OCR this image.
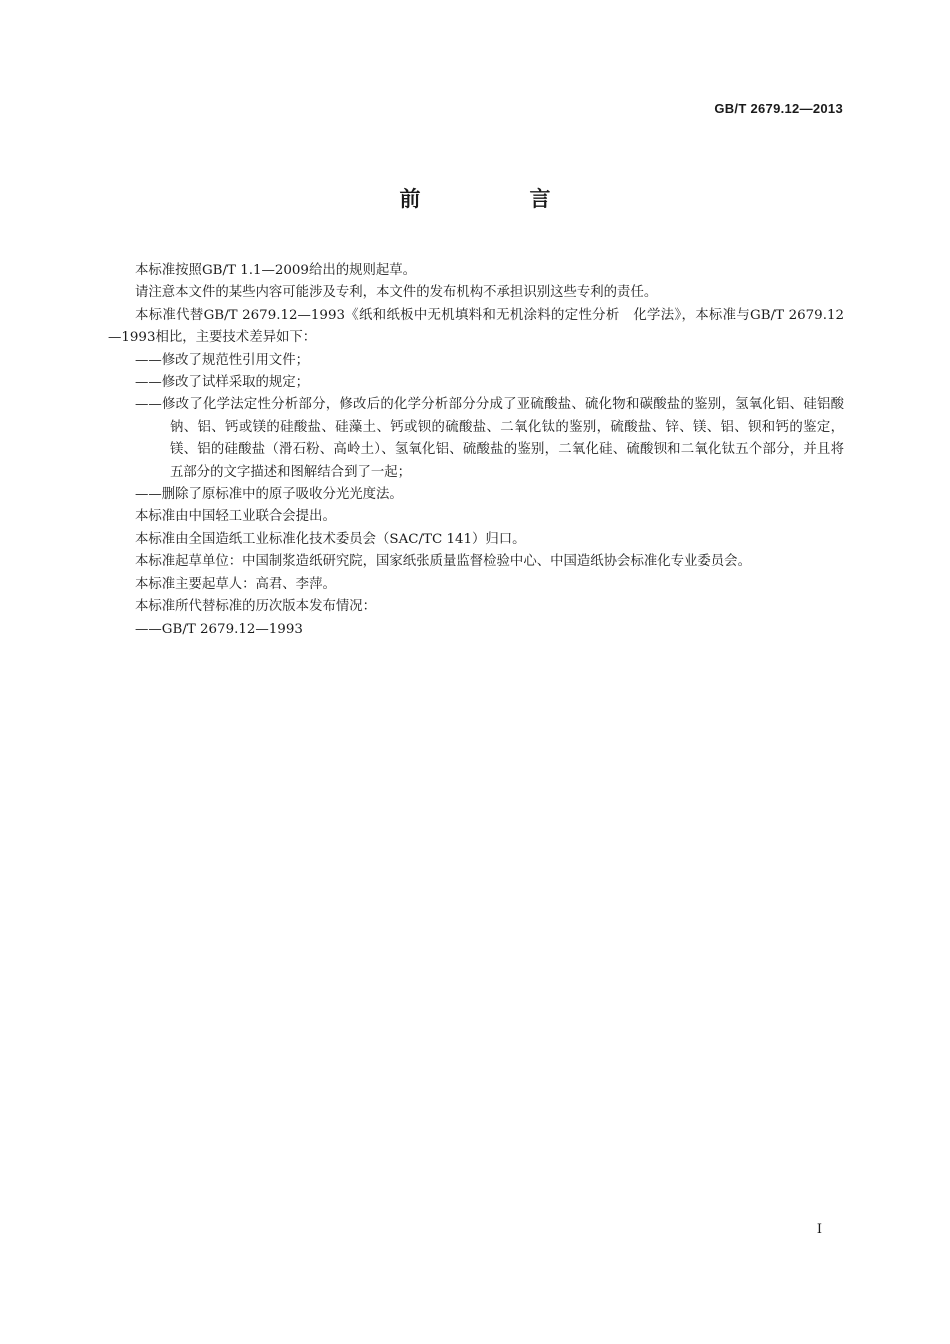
GB/T 2679.12—2013
前　言

本标准按照GB/T 1.1—2009给出的规则起草。

请注意本文件的某些内容可能涉及专利，本文件的发布机构不承担识别这些专利的责任。

本标准代替GB/T 2679.12—1993《纸和纸板中无机填料和无机涂料的定性分析　化学法》，本标准与GB/T 2679.12—1993相比，主要技术差异如下：

——修改了规范性引用文件；

——修改了试样采取的规定；

——修改了化学法定性分析部分，修改后的化学分析部分分成了亚硫酸盐、硫化物和碳酸盐的鉴别，氢氧化铝、硅铝酸钠、铝、钙或镁的硅酸盐、硅藻土、钙或钡的硫酸盐、二氧化钛的鉴别，硫酸盐、锌、镁、铝、钡和钙的鉴定，镁、铝的硅酸盐（滑石粉、高岭土）、氢氧化铝、硫酸盐的鉴别，二氧化硅、硫酸钡和二氧化钛五个部分，并且将五部分的文字描述和图解结合到了一起；

——删除了原标准中的原子吸收分光光度法。

本标准由中国轻工业联合会提出。

本标准由全国造纸工业标准化技术委员会（SAC/TC 141）归口。

本标准起草单位：中国制浆造纸研究院，国家纸张质量监督检验中心、中国造纸协会标准化专业委员会。

本标准主要起草人：高君、李萍。

本标准所代替标准的历次版本发布情况：

——GB/T 2679.12—1993

Ⅰ
